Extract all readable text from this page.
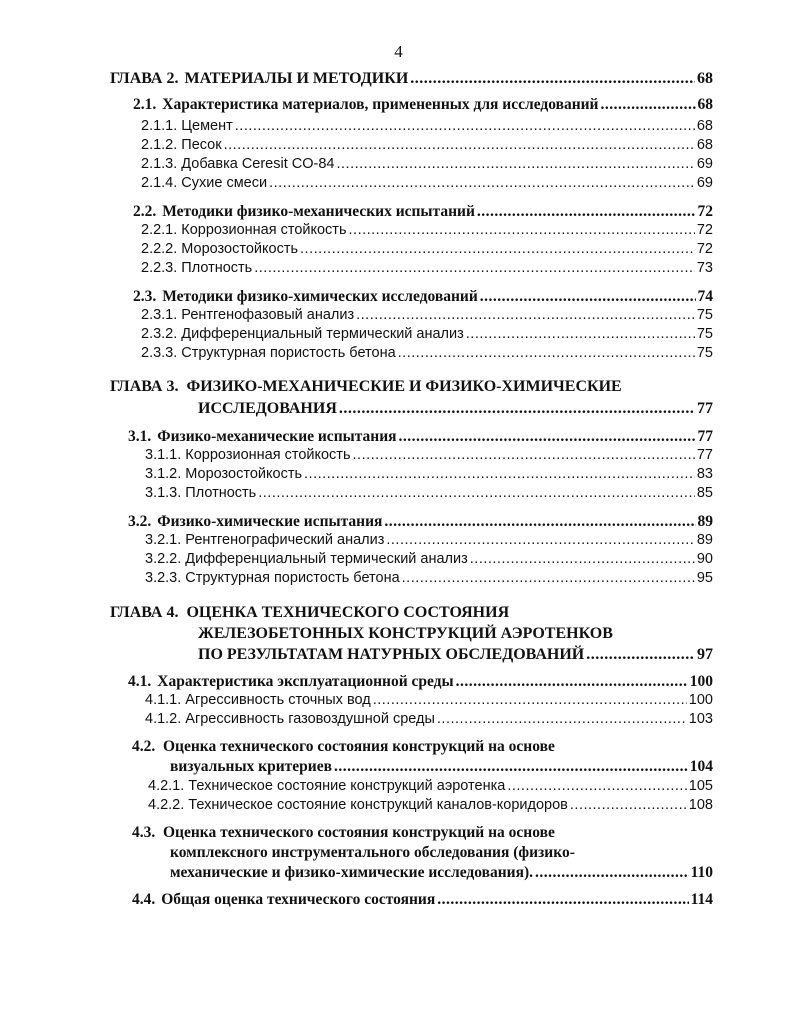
4
ГЛАВА 2. МАТЕРИАЛЫ И МЕТОДИКИ .....	68
2.1. Характеристика материалов, примененных для исследований .....	68
2.1.1. Цемент .....	68
2.1.2. Песок .....	68
2.1.3. Добавка Ceresit CO-84 .....	69
2.1.4. Сухие смеси .....	69
2.2. Методики физико-механических испытаний .....	72
2.2.1. Коррозионная стойкость .....	72
2.2.2. Морозостойкость .....	72
2.2.3. Плотность .....	73
2.3. Методики физико-химических исследований .....	74
2.3.1. Рентгенофазовый анализ .....	75
2.3.2. Дифференциальный термический анализ .....	75
2.3.3. Структурная пористость бетона .....	75
ГЛАВА 3. ФИЗИКО-МЕХАНИЧЕСКИЕ И ФИЗИКО-ХИМИЧЕСКИЕ
ИССЛЕДОВАНИЯ .....	77
3.1. Физико-механические испытания .....	77
3.1.1. Коррозионная стойкость .....	77
3.1.2. Морозостойкость .....	83
3.1.3. Плотность .....	85
3.2. Физико-химические испытания .....	89
3.2.1. Рентгенографический анализ .....	89
3.2.2. Дифференциальный термический анализ .....	90
3.2.3. Структурная пористость бетона .....	95
ГЛАВА 4. ОЦЕНКА ТЕХНИЧЕСКОГО СОСТОЯНИЯ
ЖЕЛЕЗОБЕТОННЫХ КОНСТРУКЦИЙ АЭРОТЕНКОВ
ПО РЕЗУЛЬТАТАМ НАТУРНЫХ ОБСЛЕДОВАНИЙ .....	97
4.1. Характеристика эксплуатационной среды .....	100
4.1.1. Агрессивность сточных вод .....	100
4.1.2. Агрессивность газовоздушной среды .....	103
4.2. Оценка технического состояния конструкций на основе
визуальных критериев .....	104
4.2.1. Техническое состояние конструкций аэротенка .....	105
4.2.2. Техническое состояние конструкций каналов-коридоров .....	108
4.3. Оценка технического состояния конструкций на основе
комплексного инструментального обследования (физико-
механические и физико-химические исследования). .....	110
4.4. Общая оценка технического состояния .....	114
